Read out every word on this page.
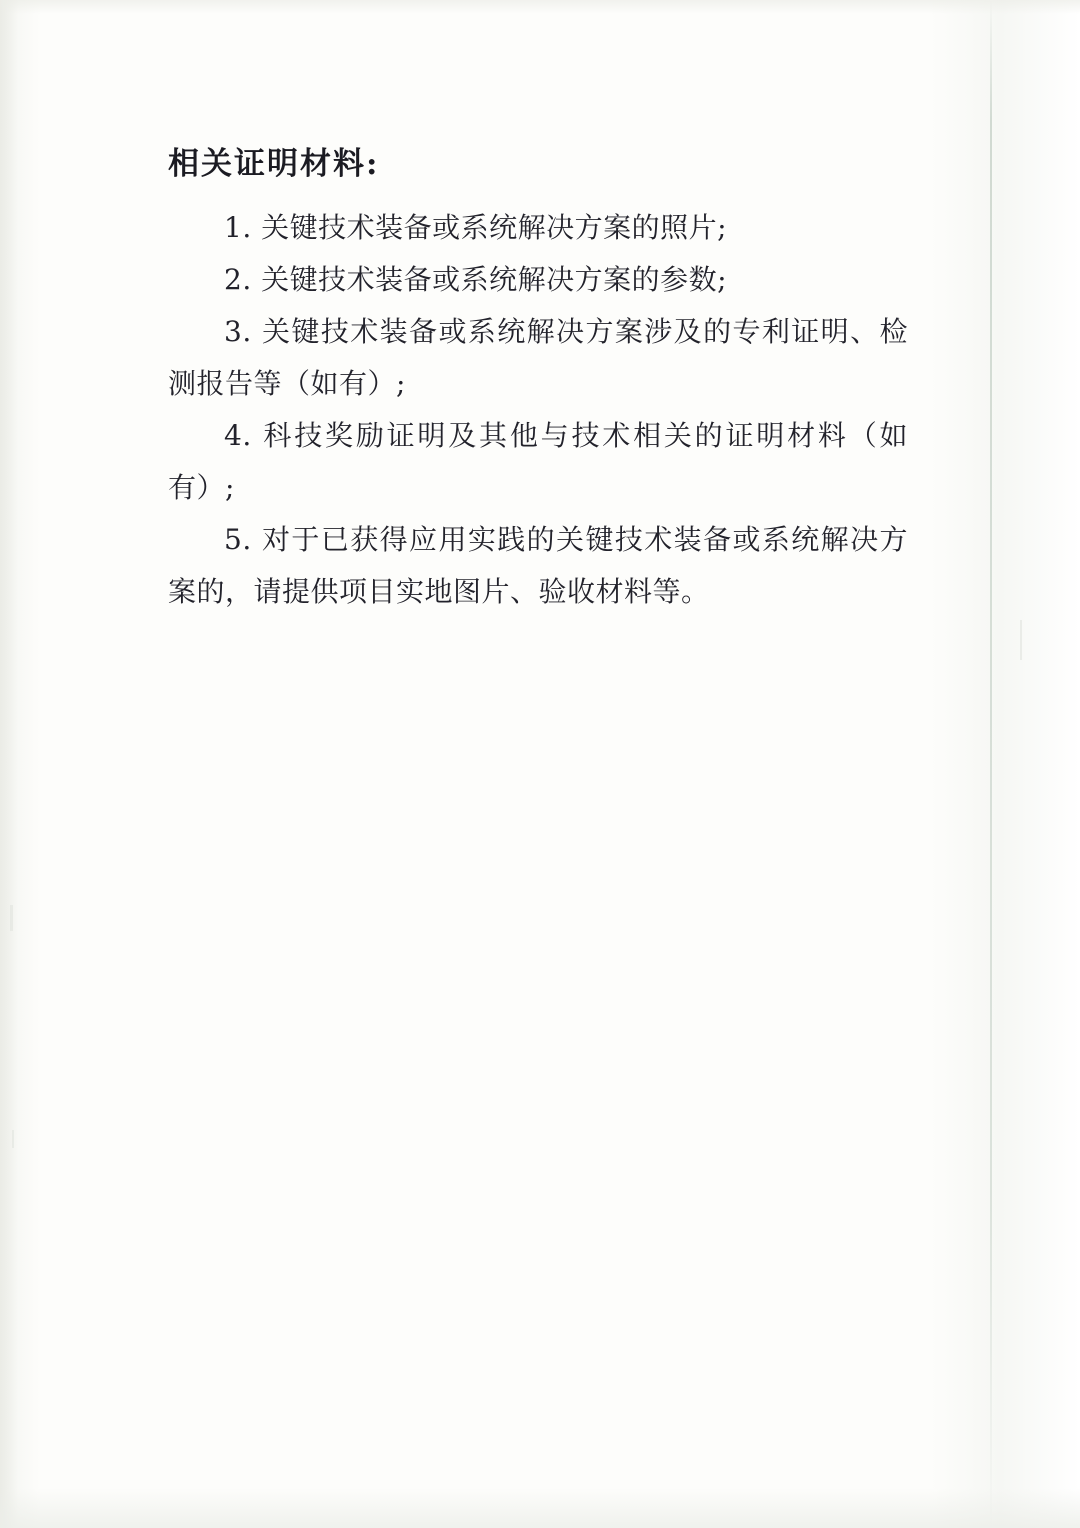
相关证明材料:

1. 关键技术装备或系统解决方案的照片;

2. 关键技术装备或系统解决方案的参数;

3. 关键技术装备或系统解决方案涉及的专利证明、检测报告等（如有）;

4. 科技奖励证明及其他与技术相关的证明材料（如有）;

5. 对于已获得应用实践的关键技术装备或系统解决方案的，请提供项目实地图片、验收材料等。
